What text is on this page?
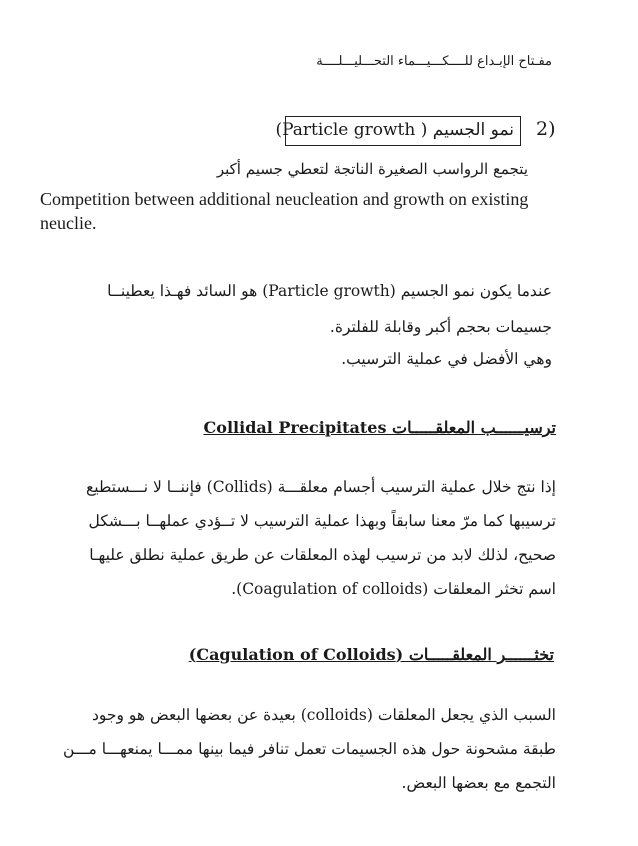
مفـتاح الإبـداع للــــكـــيـــماء التحـــليـــلــــة
2)
نمو الجسيم ( Particle growth)
يتجمع الرواسب الصغيرة الناتجة لتعطي جسيم أكبر
Competition between additional neucleation and growth on existing neuclie.
عندما يكون نمو الجسيم (Particle growth) هو السائد فهـذا يعطينــا
جسيمات بحجم أكبر وقابلة للفلترة.
وهي الأفضل في عملية الترسيب.
ترسيــــــب المعلقـــــات Collidal Precipitates
إذا نتج خلال عملية الترسيب أجسام معلقـــة (Collids) فإننــا لا نـــستطيع
ترسيبها كما مرّ معنا سابقاً وبهذا عملية الترسيب لا تــؤدي عملهــا بـــشكل
صحيح، لذلك لابد من ترسيب لهذه المعلقات عن طريق عملية نطلق عليهـا
اسم تخثر المعلقات (Coagulation of colloids).
تخثــــــر المعلقـــــات (Cagulation of Colloids)
السبب الذي يجعل المعلقات (colloids) بعيدة عن بعضها البعض هو وجود
طبقة مشحونة حول هذه الجسيمات تعمل تنافر فيما بينها ممـــا يمنعهـــا مـــن
التجمع مع بعضها البعض.
